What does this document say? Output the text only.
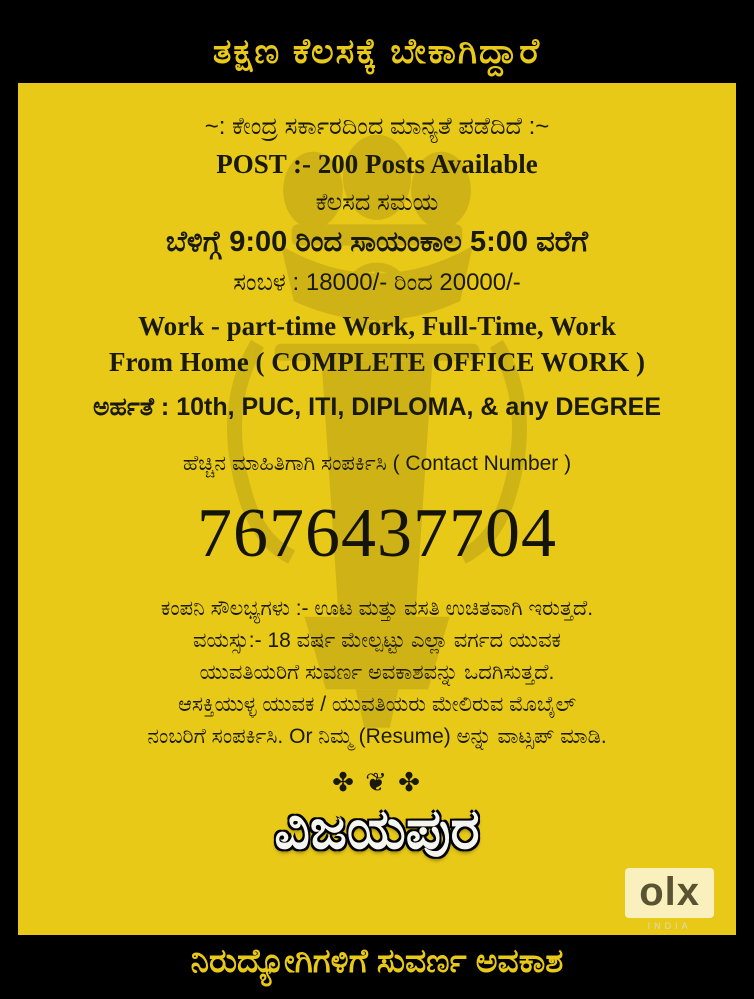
ತಕ್ಷಣ ಕೆಲಸಕ್ಕೆ ಬೇಕಾಗಿದ್ದಾರೆ
~: ಕೇಂದ್ರ ಸರ್ಕಾರದಿಂದ ಮಾನ್ಯತೆ ಪಡೆದಿದೆ :~
POST :- 200 Posts Available
ಕೆಲಸದ ಸಮಯ
ಬೆಳಿಗ್ಗೆ 9:00 ರಿಂದ ಸಾಯಂಕಾಲ 5:00 ವರೆಗೆ
ಸಂಬಳ : 18000/- ರಿಂದ 20000/-
Work - part-time Work, Full-Time, Work
From Home ( COMPLETE OFFICE WORK )
ಅರ್ಹತೆ : 10th, PUC, ITI, DIPLOMA, & any DEGREE
ಹೆಚ್ಚಿನ ಮಾಹಿತಿಗಾಗಿ ಸಂಪರ್ಕಿಸಿ ( Contact Number )
7676437704
ಕಂಪನಿ ಸೌಲಭ್ಯಗಳು :- ಊಟ ಮತ್ತು ವಸತಿ ಉಚಿತವಾಗಿ ಇರುತ್ತದೆ.
ವಯಸ್ಸು:- 18 ವರ್ಷ ಮೇಲ್ಪಟ್ಟು ಎಲ್ಲಾ ವರ್ಗದ ಯುವಕ
ಯುವತಿಯರಿಗೆ ಸುವರ್ಣ ಅವಕಾಶವನ್ನು ಒದಗಿಸುತ್ತದೆ.
ಆಸಕ್ತಿಯುಳ್ಳ ಯುವಕ / ಯುವತಿಯರು ಮೇಲಿರುವ ಮೊಬೈಲ್
ನಂಬರಿಗೆ ಸಂಪರ್ಕಿಸಿ. Or ನಿಮ್ಮ (Resume) ಅನ್ನು ವಾಟ್ಸಪ್ ಮಾಡಿ.
✤ ❦ ✤
ವಿಜಯಪುರ
olx
INDIA
ನಿರುದ್ಯೋಗಿಗಳಿಗೆ ಸುವರ್ಣ ಅವಕಾಶ
